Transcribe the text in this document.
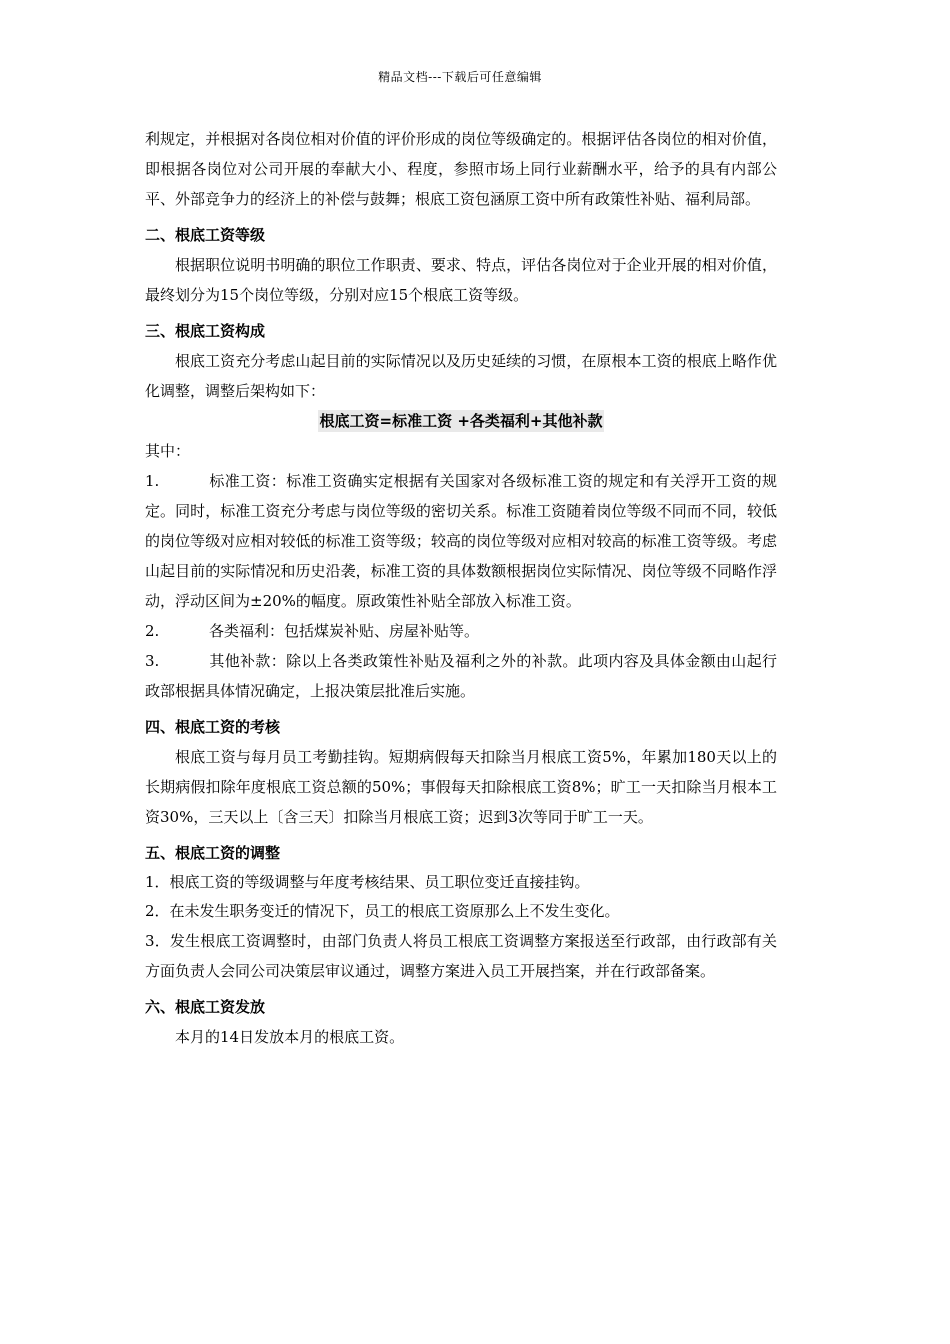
精品文档---下载后可任意编辑

利规定，并根据对各岗位相对价值的评价形成的岗位等级确定的。根据评估各岗位的相对价值，即根据各岗位对公司开展的奉献大小、程度，参照市场上同行业薪酬水平，给予的具有内部公平、外部竞争力的经济上的补偿与鼓舞；根底工资包涵原工资中所有政策性补贴、福利局部。

二、根底工资等级

根据职位说明书明确的职位工作职责、要求、特点，评估各岗位对于企业开展的相对价值，最终划分为15个岗位等级，分别对应15个根底工资等级。

三、根底工资构成

根底工资充分考虑山起目前的实际情况以及历史延续的习惯，在原根本工资的根底上略作优化调整，调整后架构如下：

根底工资=标准工资 +各类福利+其他补款

其中：

1.	标准工资：标准工资确实定根据有关国家对各级标准工资的规定和有关浮开工资的规定。同时，标准工资充分考虑与岗位等级的密切关系。标准工资随着岗位等级不同而不同，较低的岗位等级对应相对较低的标准工资等级；较高的岗位等级对应相对较高的标准工资等级。考虑山起目前的实际情况和历史沿袭，标准工资的具体数额根据岗位实际情况、岗位等级不同略作浮动，浮动区间为±20%的幅度。原政策性补贴全部放入标准工资。

2.	各类福利：包括煤炭补贴、房屋补贴等。

3.	其他补款：除以上各类政策性补贴及福利之外的补款。此项内容及具体金额由山起行政部根据具体情况确定，上报决策层批准后实施。

四、根底工资的考核

根底工资与每月员工考勤挂钩。短期病假每天扣除当月根底工资5%，年累加180天以上的长期病假扣除年度根底工资总额的50%；事假每天扣除根底工资8%；旷工一天扣除当月根本工资30%，三天以上〔含三天〕扣除当月根底工资；迟到3次等同于旷工一天。

五、根底工资的调整

1．根底工资的等级调整与年度考核结果、员工职位变迁直接挂钩。

2．在未发生职务变迁的情况下，员工的根底工资原那么上不发生变化。

3．发生根底工资调整时，由部门负责人将员工根底工资调整方案报送至行政部，由行政部有关方面负责人会同公司决策层审议通过，调整方案进入员工开展挡案，并在行政部备案。

六、根底工资发放

本月的14日发放本月的根底工资。
